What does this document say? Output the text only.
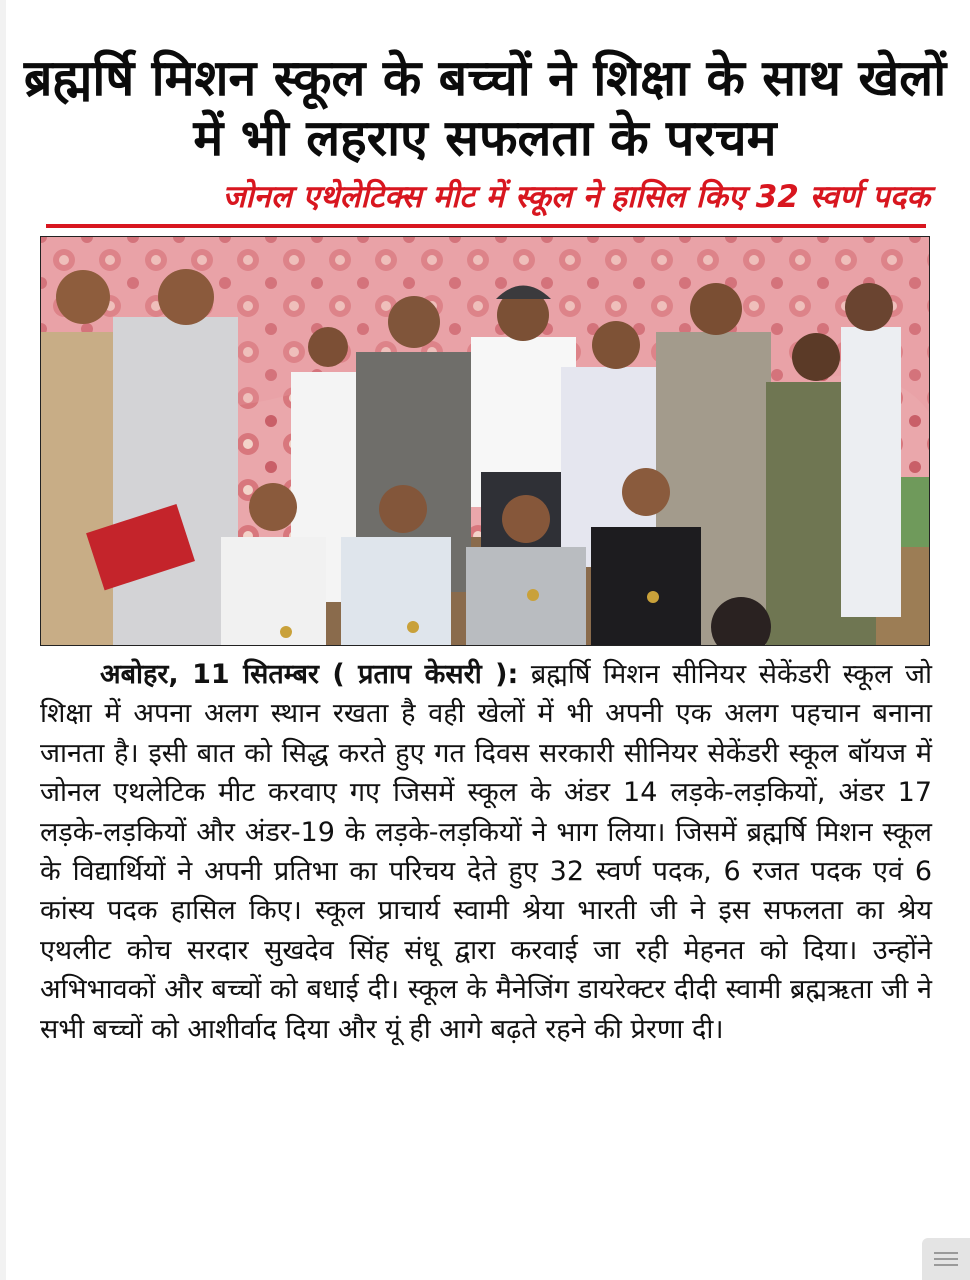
ब्रह्मर्षि मिशन स्कूल के बच्चों ने शिक्षा के साथ खेलों में भी लहराए सफलता के परचम
जोनल एथेलेटिक्स मीट में स्कूल ने हासिल किए 32 स्वर्ण पदक

अबोहर, 11 सितम्बर ( प्रताप केसरी ): ब्रह्मर्षि मिशन सीनियर सेकेंडरी स्कूल जो शिक्षा में अपना अलग स्थान रखता है वही खेलों में भी अपनी एक अलग पहचान बनाना जानता है। इसी बात को सिद्ध करते हुए गत दिवस सरकारी सीनियर सेकेंडरी स्कूल बॉयज में जोनल एथलेटिक मीट करवाए गए जिसमें स्कूल के अंडर 14 लड़के-लड़कियों, अंडर 17 लड़के-लड़कियों और अंडर-19 के लड़के-लड़कियों ने भाग लिया। जिसमें ब्रह्मर्षि मिशन स्कूल के विद्यार्थियों ने अपनी प्रतिभा का परिचय देते हुए 32 स्वर्ण पदक, 6 रजत पदक एवं 6 कांस्य पदक हासिल किए। स्कूल प्राचार्य स्वामी श्रेया भारती जी ने इस सफलता का श्रेय एथलीट कोच सरदार सुखदेव सिंह संधू द्वारा करवाई जा रही मेहनत को दिया। उन्होंने अभिभावकों और बच्चों को बधाई दी। स्कूल के मैनेजिंग डायरेक्टर दीदी स्वामी ब्रह्मऋता जी ने सभी बच्चों को आशीर्वाद दिया और यूं ही आगे बढ़ते रहने की प्रेरणा दी।
